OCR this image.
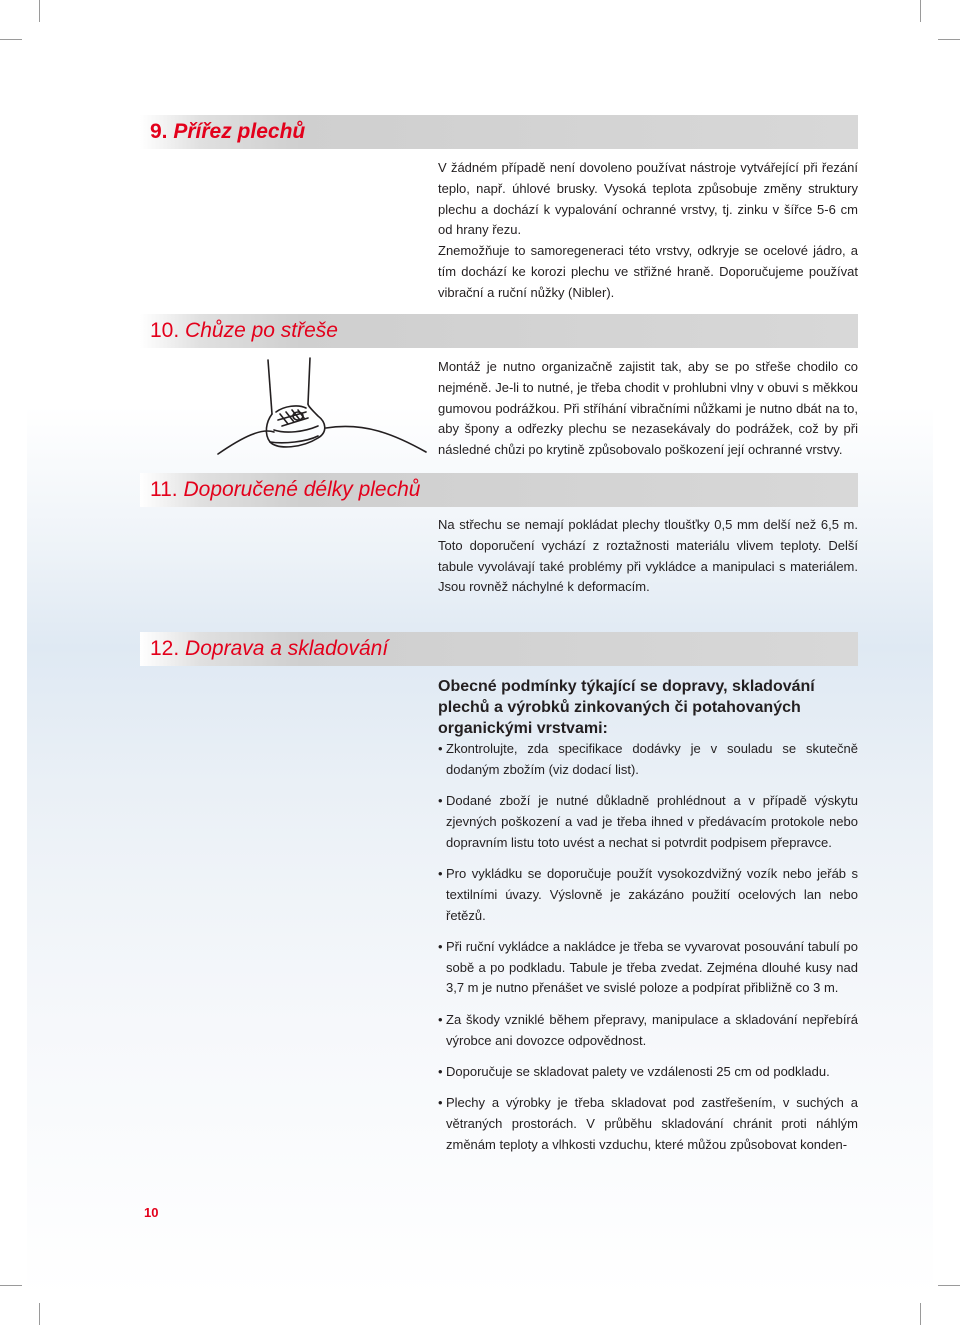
9. Přířez plechů

V žádném případě není dovoleno používat nástroje vytvářející při řezání teplo, např. úhlové brusky. Vysoká teplota způsobuje změny struktury plechu a dochází k vypalování ochranné vrstvy, tj. zinku v šířce 5-6 cm od hrany řezu.

Znemožňuje to samoregeneraci této vrstvy, odkryje se ocelové jádro, a tím dochází ke korozi plechu ve střižné hraně. Doporučujeme používat vibrační a ruční nůžky (Nibler).

10. Chůze po střeše

Montáž je nutno organizačně zajistit tak, aby se po střeše chodilo co nejméně. Je-li to nutné, je třeba chodit v prohlubni vlny v obuvi s měkkou gumovou podrážkou. Při stříhání vibračními nůžkami je nutno dbát na to, aby špony a odřezky plechu se nezasekávaly do podrážek, což by při následné chůzi po krytině způsobovalo poškození její ochranné vrstvy.

11. Doporučené délky plechů

Na střechu se nemají pokládat plechy tloušťky 0,5 mm delší než 6,5 m. Toto doporučení vychází z roztažnosti materiálu vlivem teploty. Delší tabule vyvolávají také problémy při vykládce a manipulaci s materiálem. Jsou rovněž náchylné k deformacím.

12. Doprava a skladování
Obecné podmínky týkající se dopravy, skladování plechů a výrobků zinkovaných či potahovaných organickými vrstvami:
• Zkontrolujte, zda specifikace dodávky je v souladu se skutečně dodaným zbožím (viz dodací list).
• Dodané zboží je nutné důkladně prohlédnout a v případě výskytu zjevných poškození a vad je třeba ihned v předávacím protokole nebo dopravním listu toto uvést a nechat si potvrdit podpisem přepravce.
• Pro vykládku se doporučuje použít vysokozdvižný vozík nebo jeřáb s textilními úvazy. Výslovně je zakázáno použití ocelových lan nebo řetězů.
• Při ruční vykládce a nakládce je třeba se vyvarovat posouvání tabulí po sobě a po podkladu. Tabule je třeba zvedat. Zejména dlouhé kusy nad 3,7 m je nutno přenášet ve svislé poloze a podpírat přibližně co 3 m.
• Za škody vzniklé během přepravy, manipulace a skladování nepřebírá výrobce ani dovozce odpovědnost.
• Doporučuje se skladovat palety ve vzdálenosti 25 cm od podkladu.
• Plechy a výrobky je třeba skladovat pod zastřešením, v suchých a větraných prostorách. V průběhu skladování chránit proti náhlým změnám teploty a vlhkosti vzduchu, které můžou způsobovat konden-
10
